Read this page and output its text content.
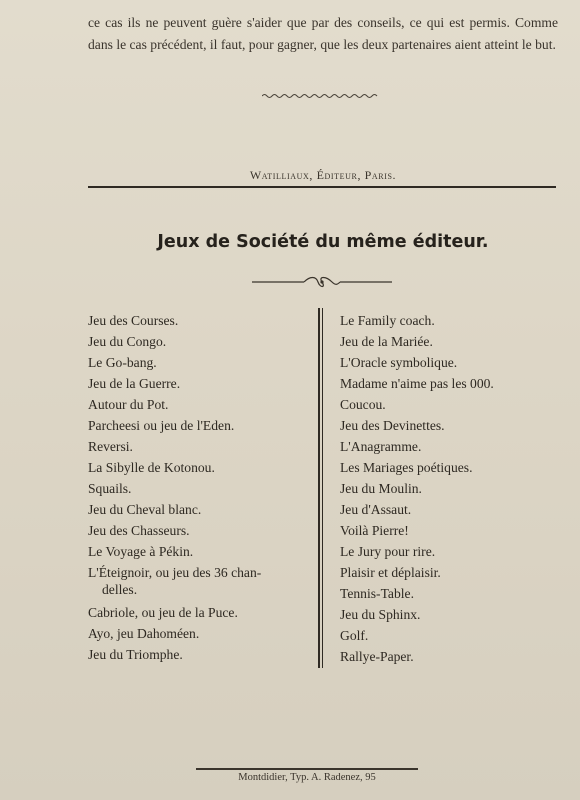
ce cas ils ne peuvent guère s'aider que par des conseils, ce qui est permis. Comme dans le cas précédent, il faut, pour gagner, que les deux partenaires aient atteint le but.

Watilliaux, Éditeur, Paris.
Jeux de Société du même éditeur.
Jeu des Courses.
Jeu du Congo.
Le Go-bang.
Jeu de la Guerre.
Autour du Pot.
Parcheesi ou jeu de l'Eden.
Reversi.
La Sibylle de Kotonou.
Squails.
Jeu du Cheval blanc.
Jeu des Chasseurs.
Le Voyage à Pékin.
L'Éteignoir, ou jeu des 36 chan-
delles.
Cabriole, ou jeu de la Puce.
Ayo, jeu Dahoméen.
Jeu du Triomphe.
Le Family coach.
Jeu de la Mariée.
L'Oracle symbolique.
Madame n'aime pas les 000.
Coucou.
Jeu des Devinettes.
L'Anagramme.
Les Mariages poétiques.
Jeu du Moulin.
Jeu d'Assaut.
Voilà Pierre!
Le Jury pour rire.
Plaisir et déplaisir.
Tennis-Table.
Jeu du Sphinx.
Golf.
Rallye-Paper.
Montdidier, Typ. A. Radenez, 95
